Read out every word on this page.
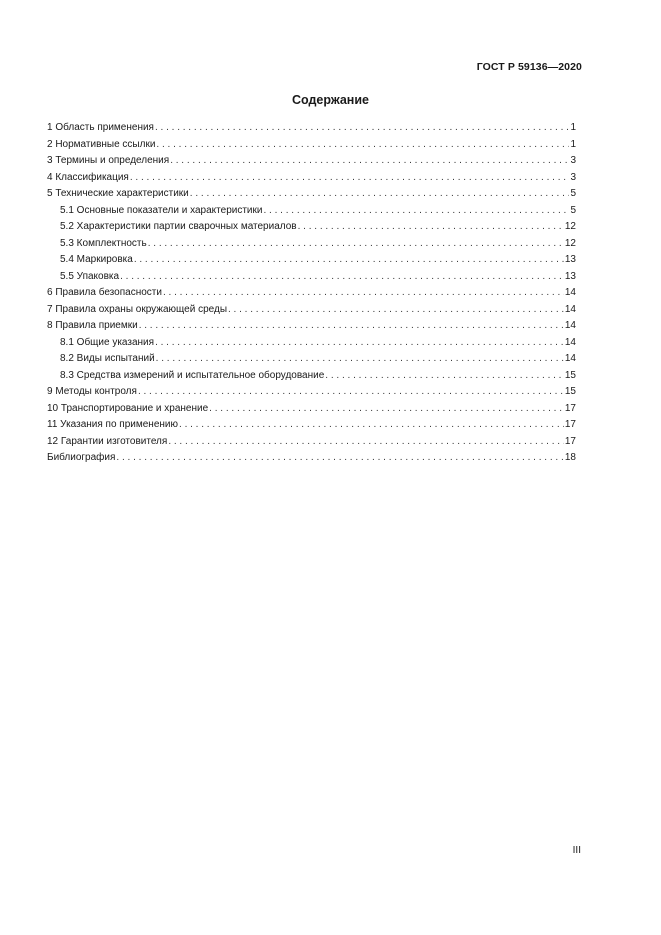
ГОСТ Р 59136—2020
Содержание
1 Область применения . . .	1
2 Нормативные ссылки . . .	1
3 Термины и определения . . .	3
4 Классификация . . .	3
5 Технические характеристики . . .	5
5.1 Основные показатели и характеристики . . .	5
5.2 Характеристики партии сварочных материалов . . .	12
5.3 Комплектность . . .	12
5.4 Маркировка . . .	13
5.5 Упаковка . . .	13
6 Правила безопасности . . .	14
7 Правила охраны окружающей среды . . .	14
8 Правила приемки . . .	14
8.1 Общие указания . . .	14
8.2 Виды испытаний . . .	14
8.3 Средства измерений и испытательное оборудование . . .	15
9 Методы контроля . . .	15
10 Транспортирование и хранение . . .	17
11 Указания по применению . . .	17
12 Гарантии изготовителя . . .	17
Библиография . . .	18
III
